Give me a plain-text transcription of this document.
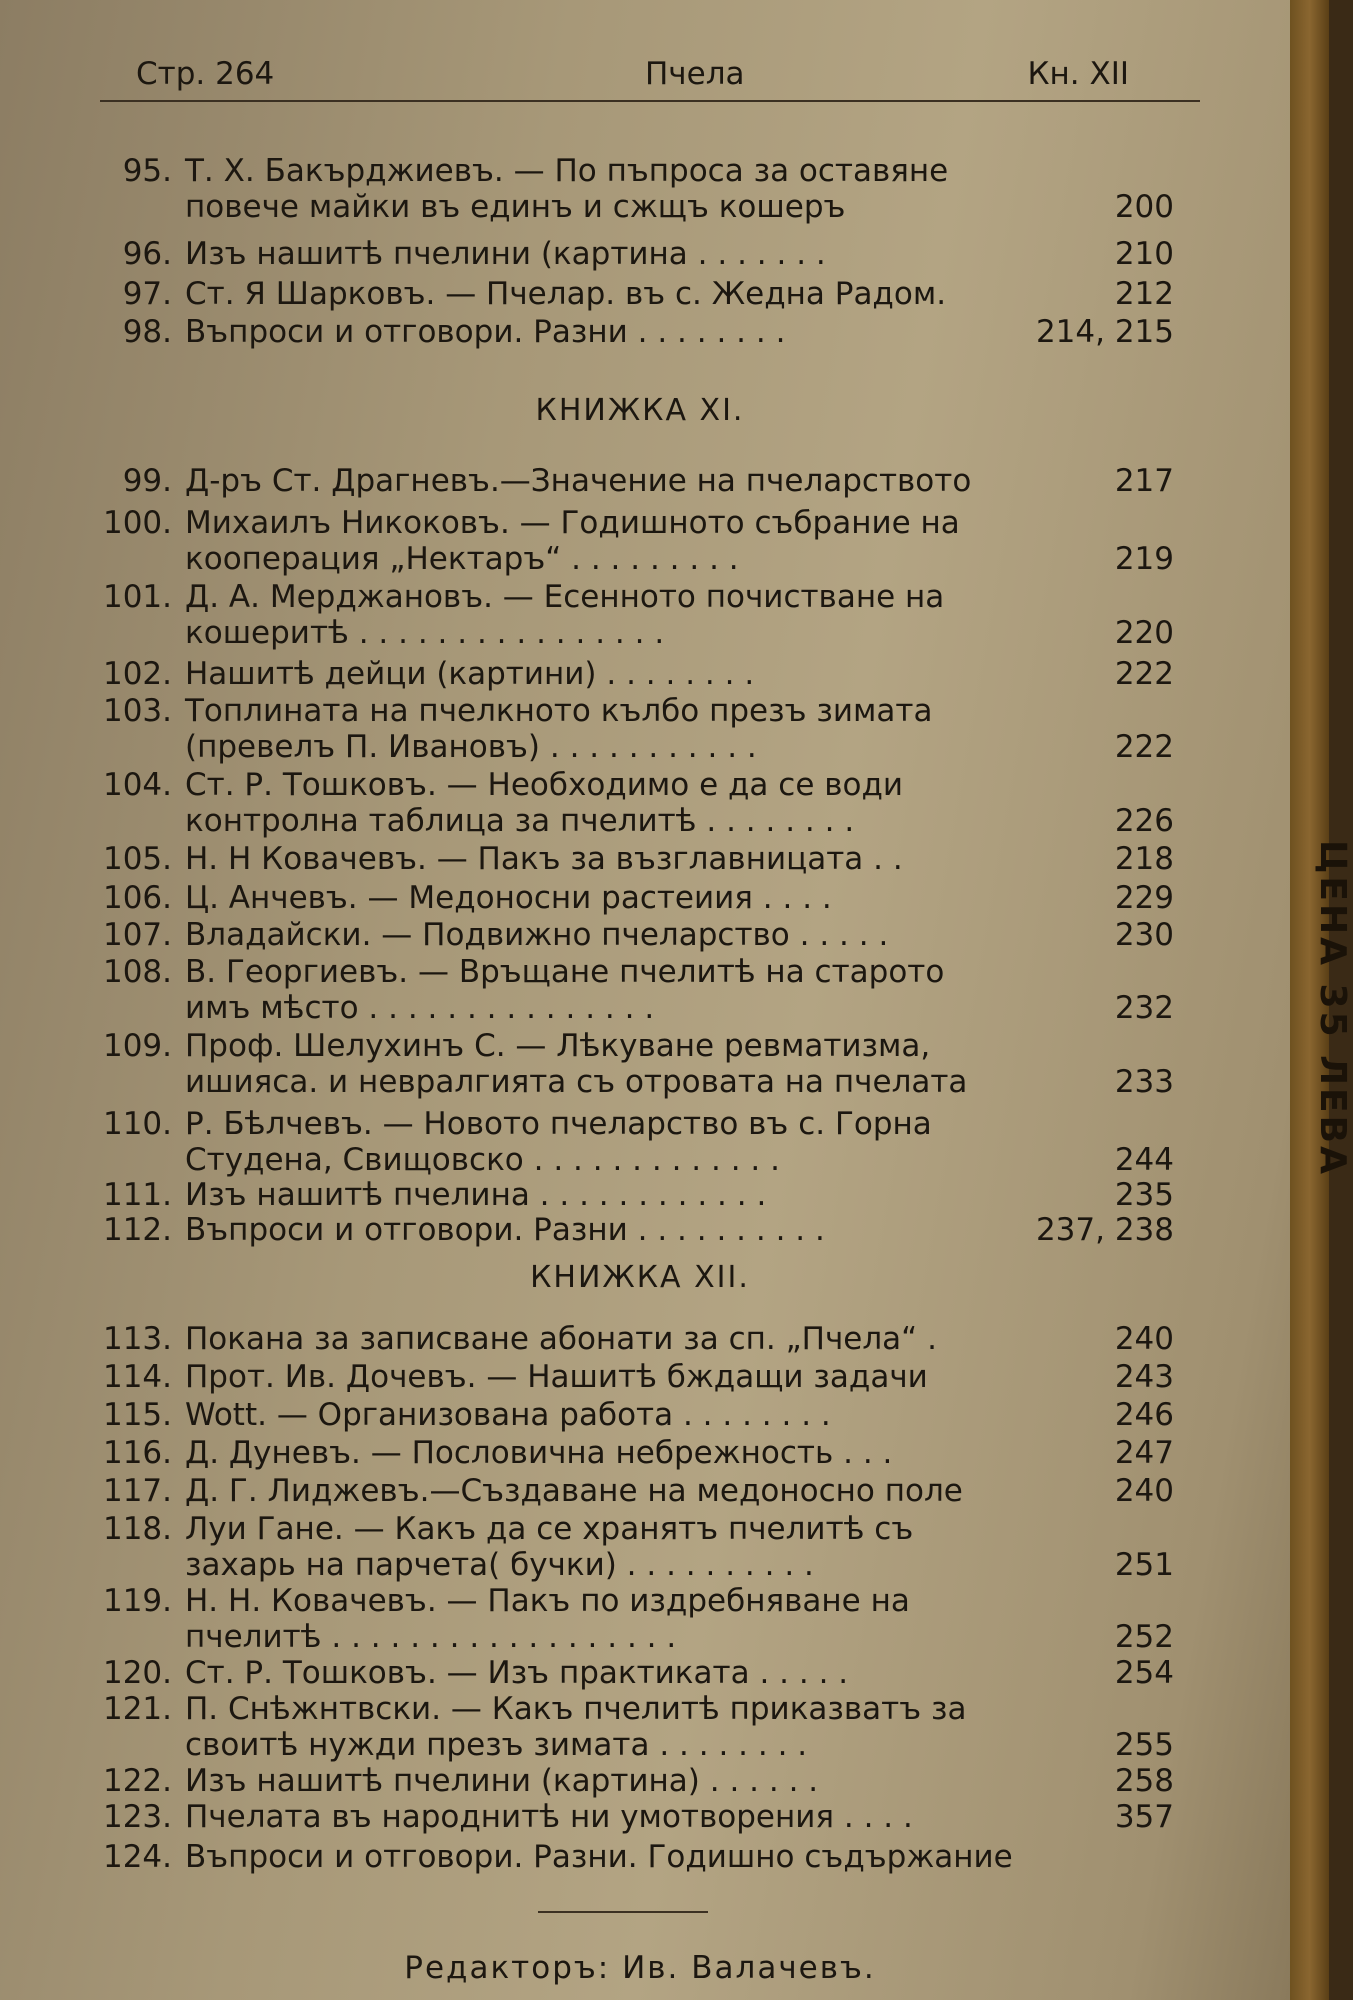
Стр. 264	Пчела	Кн. XII
95. Т. Х. Бакърджиевъ. — По пъпроса за оставяне
повече майки въ единъ и сжщъ кошеръ	200
96. Изъ нашитѣ пчелини (картина . . . . . . .	210
97. Ст. Я Шарковъ. — Пчелар. въ с. Жедна Радом.	212
98. Въпроси и отговори. Разни . . . . . . . .	214, 215
КНИЖКА XI.
99. Д-ръ Ст. Драгневъ.—Значение на пчеларството	217
100. Михаилъ Никоковъ. — Годишното събрание на
кооперация „Нектаръ“ . . . . . . . . .	219
101. Д. А. Мерджановъ. — Есенното почистване на
кошеритѣ . . . . . . . . . . . . . . . .	220
102. Нашитѣ дейци (картини) . . . . . . . .	222
103. Топлината на пчелкното кълбо презъ зимата
(превелъ П. Ивановъ) . . . . . . . . . . .	222
104. Ст. Р. Тошковъ. — Необходимо е да се води
контролна таблица за пчелитѣ . . . . . . . .	226
105. Н. Н Ковачевъ. — Пакъ за възглавницата . .	218
106. Ц. Анчевъ. — Медоносни растеиия . . . .	229
107. Владайски. — Подвижно пчеларство . . . . .	230
108. В. Георгиевъ. — Връщане пчелитѣ на старото
имъ мѣсто . . . . . . . . . . . . . . .	232
109. Проф. Шелухинъ С. — Лѣкуване ревматизма,
ишияса. и невралгията съ отровата на пчелата	233
110. Р. Бѣлчевъ. — Новото пчеларство въ с. Горна
Студена, Свищовско . . . . . . . . . . . . .	244
111. Изъ нашитѣ пчелина . . . . . . . . . . . .	235
112. Въпроси и отговори. Разни . . . . . . . . . .	237, 238
КНИЖКА XII.
113. Покана за записване абонати за сп. „Пчела“ .	240
114. Прот. Ив. Дочевъ. — Нашитѣ бждащи задачи	243
115. Wott. — Организована работа . . . . . . . .	246
116. Д. Дуневъ. — Пословична небрежность . . .	247
117. Д. Г. Лиджевъ.—Създаване на медоносно поле	240
118. Луи Гане. — Какъ да се хранятъ пчелитѣ съ
захарь на парчета( бучки) . . . . . . . . . .	251
119. Н. Н. Ковачевъ. — Пакъ по издребняване на
пчелитѣ . . . . . . . . . . . . . . . . . .	252
120. Ст. Р. Тошковъ. — Изъ практиката . . . . .	254
121. П. Снѣжнтвски. — Какъ пчелитѣ приказватъ за
своитѣ нужди презъ зимата . . . . . . . .	255
122. Изъ нашитѣ пчелини (картина) . . . . . .	258
123. Пчелата въ народнитѣ ни умотворения . . . .	357
124. Въпроси и отговори. Разни. Годишно съдържание
Редакторъ: Ив. Валачевъ.
ЦЕНА 35 ЛЕВА
